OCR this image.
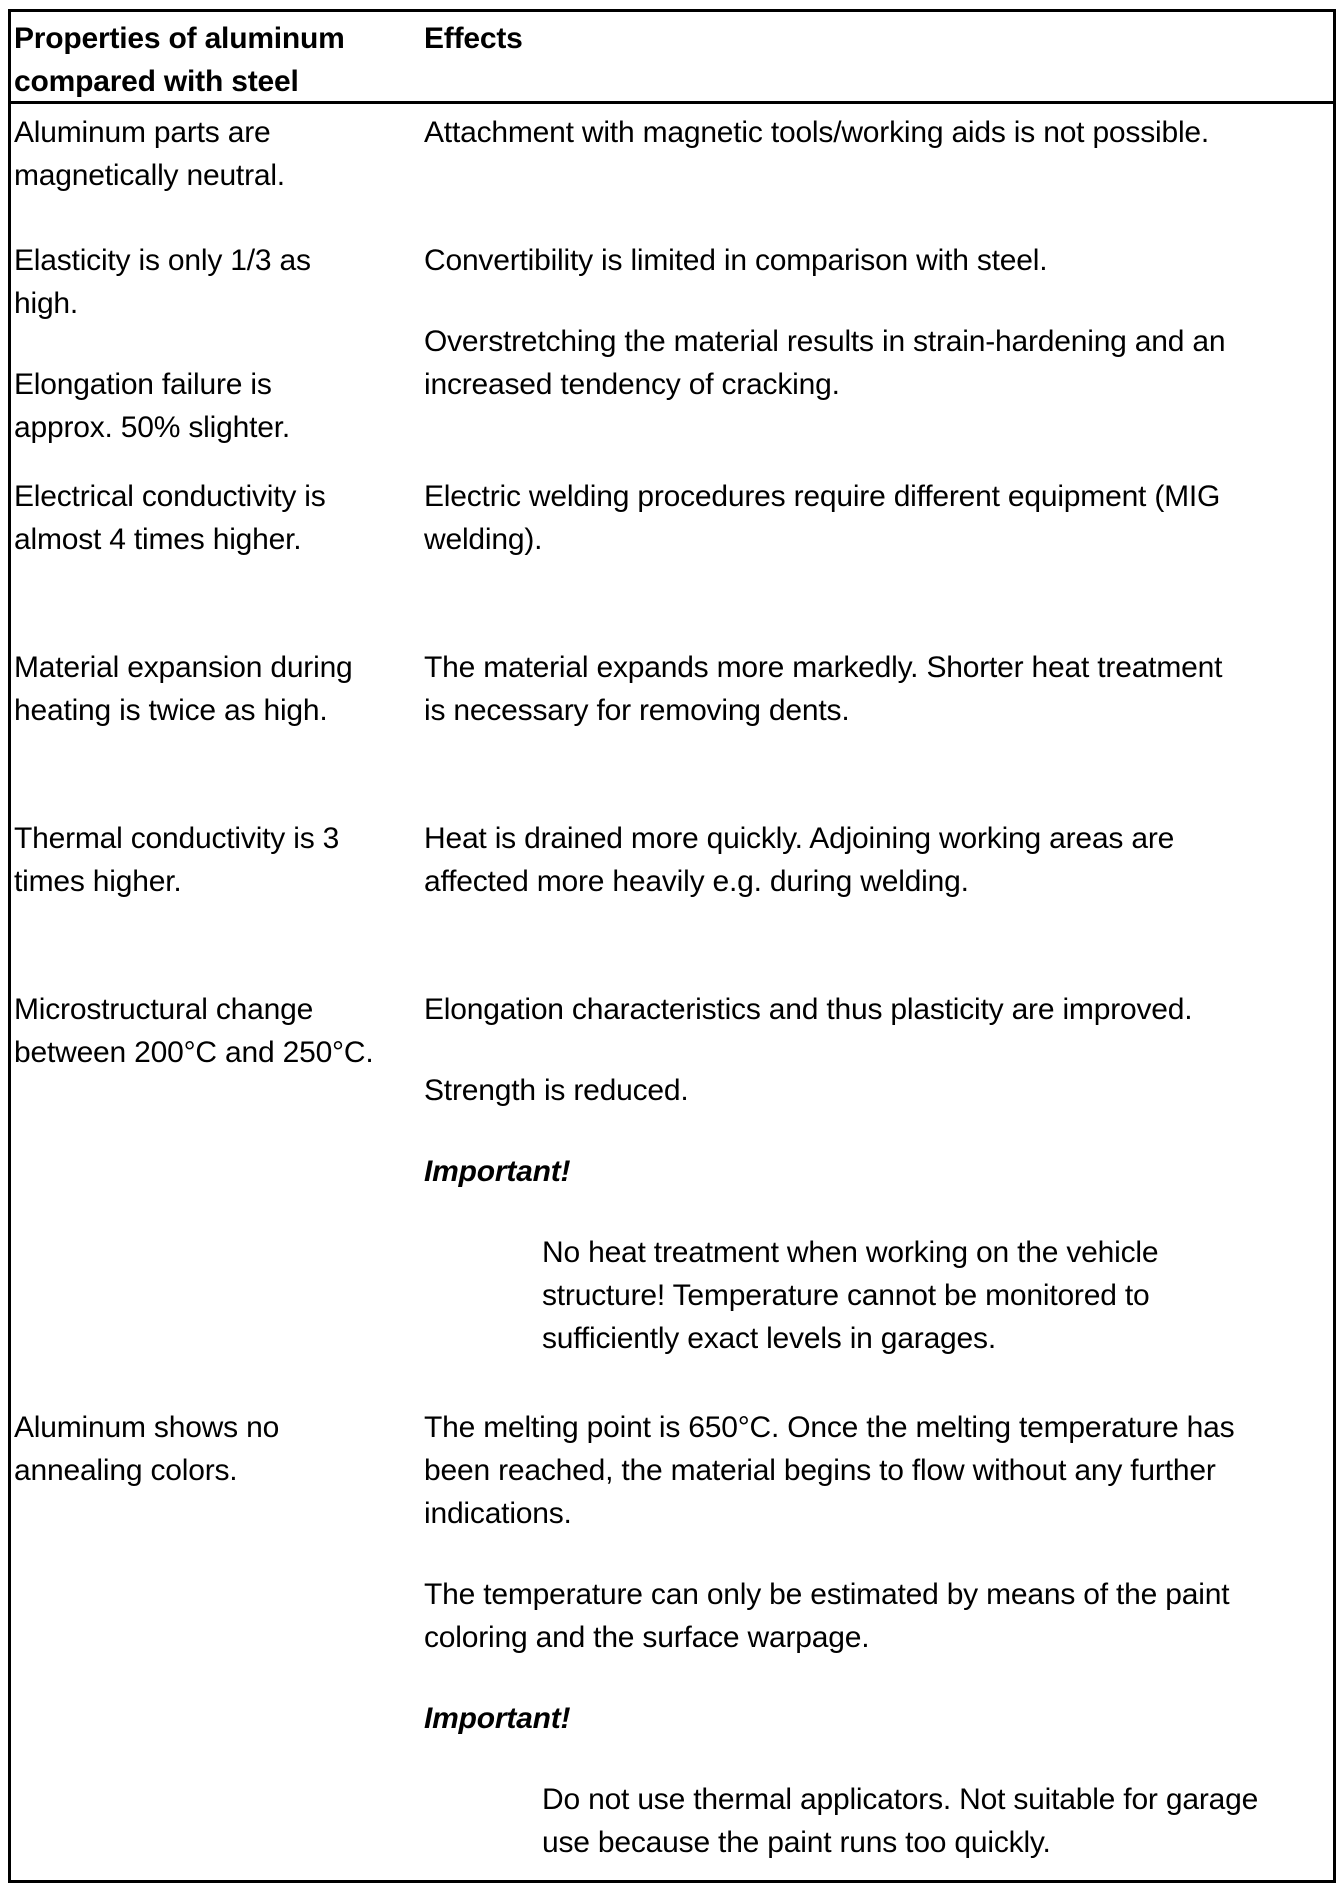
Properties of aluminum
compared with steel
Effects
Aluminum parts are
magnetically neutral.
Attachment with magnetic tools/working aids is not possible.
Elasticity is only 1/3 as
high.
Convertibility is limited in comparison with steel.
Elongation failure is
approx. 50% slighter.
Overstretching the material results in strain-hardening and an
increased tendency of cracking.
Electrical conductivity is
almost 4 times higher.
Electric welding procedures require different equipment (MIG
welding).
Material expansion during
heating is twice as high.
The material expands more markedly. Shorter heat treatment
is necessary for removing dents.
Thermal conductivity is 3
times higher.
Heat is drained more quickly. Adjoining working areas are
affected more heavily e.g. during welding.
Microstructural change
between 200°C and 250°C.
Elongation characteristics and thus plasticity are improved.
Strength is reduced.
Important!
No heat treatment when working on the vehicle
structure! Temperature cannot be monitored to
sufficiently exact levels in garages.
Aluminum shows no
annealing colors.
The melting point is 650°C. Once the melting temperature has
been reached, the material begins to flow without any further
indications.
The temperature can only be estimated by means of the paint
coloring and the surface warpage.
Important!
Do not use thermal applicators. Not suitable for garage
use because the paint runs too quickly.
